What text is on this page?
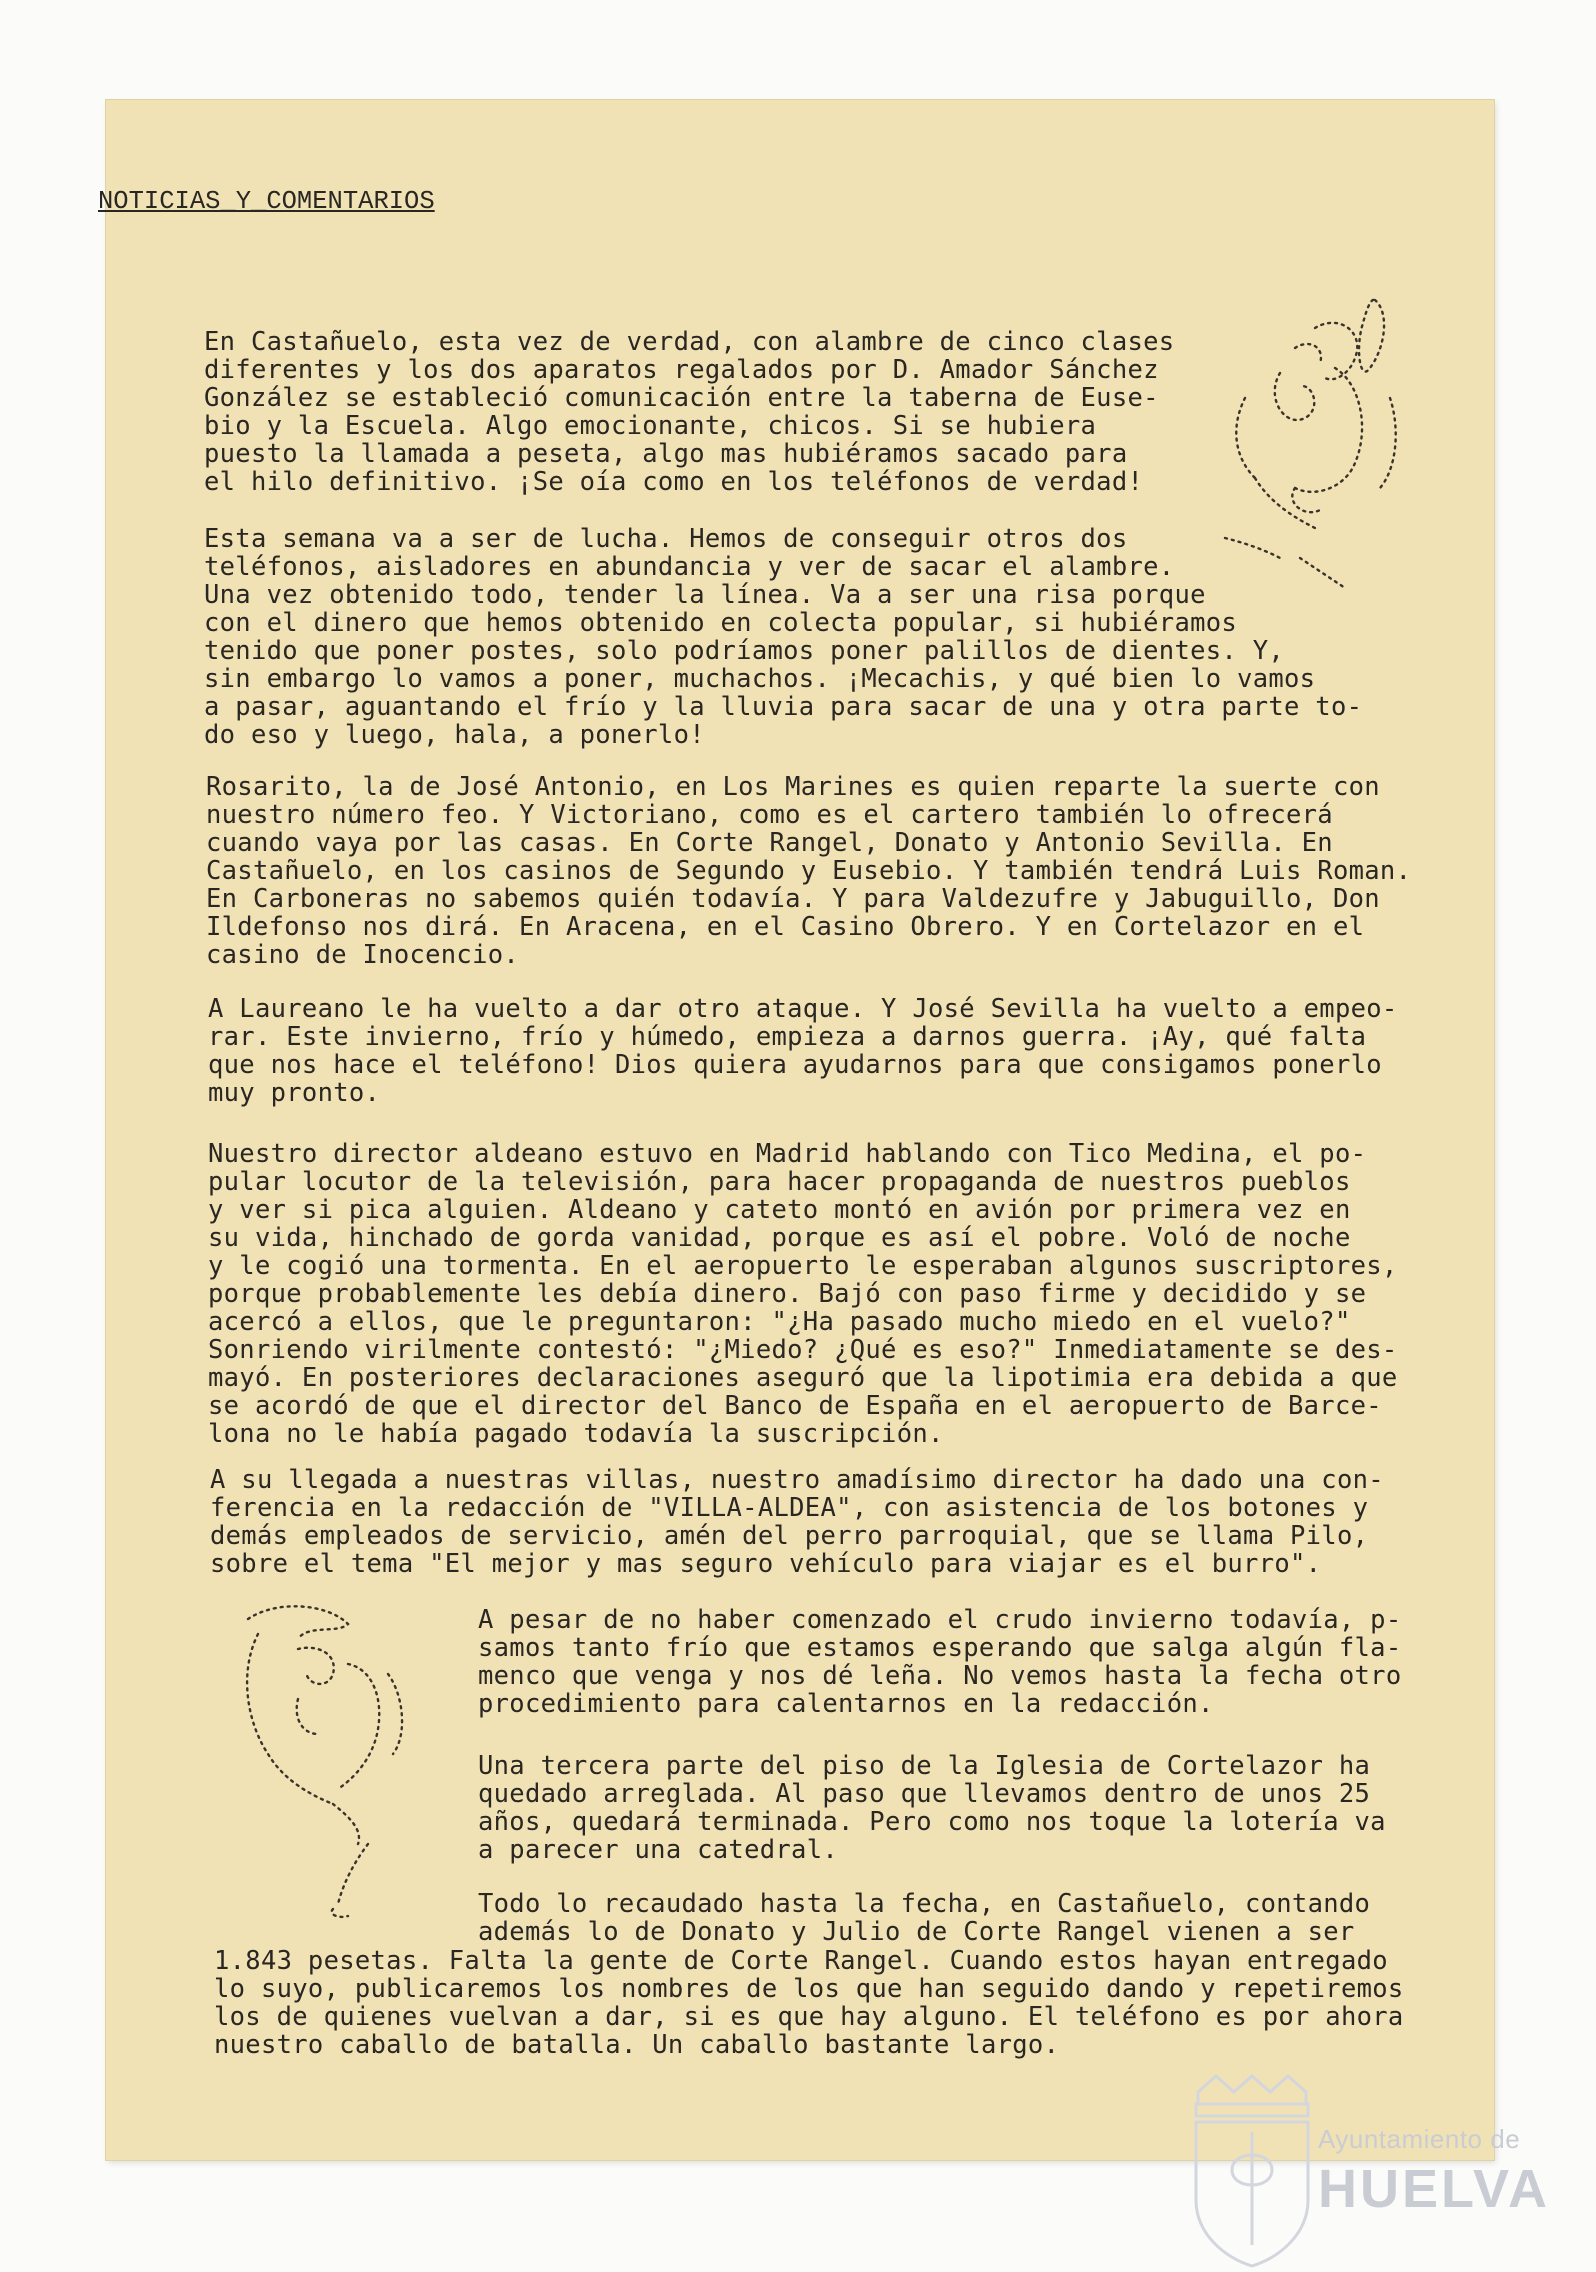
NOTICIAS_Y_COMENTARIOS
En Castañuelo, esta vez de verdad, con alambre de cinco clases
diferentes y los dos aparatos regalados por D. Amador Sánchez
González se estableció comunicación entre la taberna de Euse-
bio y la Escuela. Algo emocionante, chicos. Si se hubiera
puesto la llamada a peseta, algo mas hubiéramos sacado para
el hilo definitivo. ¡Se oía como en los teléfonos de verdad!
Esta semana va a ser de lucha. Hemos de conseguir otros dos
teléfonos, aisladores en abundancia y ver de sacar el alambre.
Una vez obtenido todo, tender la línea. Va a ser una risa porque
con el dinero que hemos obtenido en colecta popular, si hubiéramos
tenido que poner postes, solo podríamos poner palillos de dientes. Y,
sin embargo lo vamos a poner, muchachos. ¡Mecachis, y qué bien lo vamos
a pasar, aguantando el frío y la lluvia para sacar de una y otra parte to-
do eso y luego, hala, a ponerlo!
Rosarito, la de José Antonio, en Los Marines es quien reparte la suerte con
nuestro número feo. Y Victoriano, como es el cartero también lo ofrecerá
cuando vaya por las casas. En Corte Rangel, Donato y Antonio Sevilla. En
Castañuelo, en los casinos de Segundo y Eusebio. Y también tendrá Luis Roman.
En Carboneras no sabemos quién todavía. Y para Valdezufre y Jabuguillo, Don
Ildefonso nos dirá. En Aracena, en el Casino Obrero. Y en Cortelazor en el
casino de Inocencio.
A Laureano le ha vuelto a dar otro ataque. Y José Sevilla ha vuelto a empeo-
rar. Este invierno, frío y húmedo, empieza a darnos guerra. ¡Ay, qué falta
que nos hace el teléfono! Dios quiera ayudarnos para que consigamos ponerlo
muy pronto.
Nuestro director aldeano estuvo en Madrid hablando con Tico Medina, el po-
pular locutor de la televisión, para hacer propaganda de nuestros pueblos
y ver si pica alguien. Aldeano y cateto montó en avión por primera vez en
su vida, hinchado de gorda vanidad, porque es así el pobre. Voló de noche
y le cogió una tormenta. En el aeropuerto le esperaban algunos suscriptores,
porque probablemente les debía dinero. Bajó con paso firme y decidido y se
acercó a ellos, que le preguntaron: "¿Ha pasado mucho miedo en el vuelo?"
Sonriendo virilmente contestó: "¿Miedo? ¿Qué es eso?" Inmediatamente se des-
mayó. En posteriores declaraciones aseguró que la lipotimia era debida a que
se acordó de que el director del Banco de España en el aeropuerto de Barce-
lona no le había pagado todavía la suscripción.
A su llegada a nuestras villas, nuestro amadísimo director ha dado una con-
ferencia en la redacción de "VILLA-ALDEA", con asistencia de los botones y
demás empleados de servicio, amén del perro parroquial, que se llama Pilo,
sobre el tema "El mejor y mas seguro vehículo para viajar es el burro".
A pesar de no haber comenzado el crudo invierno todavía, p-
samos tanto frío que estamos esperando que salga algún fla-
menco que venga y nos dé leña. No vemos hasta la fecha otro
procedimiento para calentarnos en la redacción.
Una tercera parte del piso de la Iglesia de Cortelazor ha
quedado arreglada. Al paso que llevamos dentro de unos 25
años, quedará terminada. Pero como nos toque la lotería va
a parecer una catedral.
Todo lo recaudado hasta la fecha, en Castañuelo, contando
además lo de Donato y Julio de Corte Rangel vienen a ser
1.843 pesetas. Falta la gente de Corte Rangel. Cuando estos hayan entregado
lo suyo, publicaremos los nombres de los que han seguido dando y repetiremos
los de quienes vuelvan a dar, si es que hay alguno. El teléfono es por ahora
nuestro caballo de batalla. Un caballo bastante largo.
Ayuntamiento de
HUELVA
